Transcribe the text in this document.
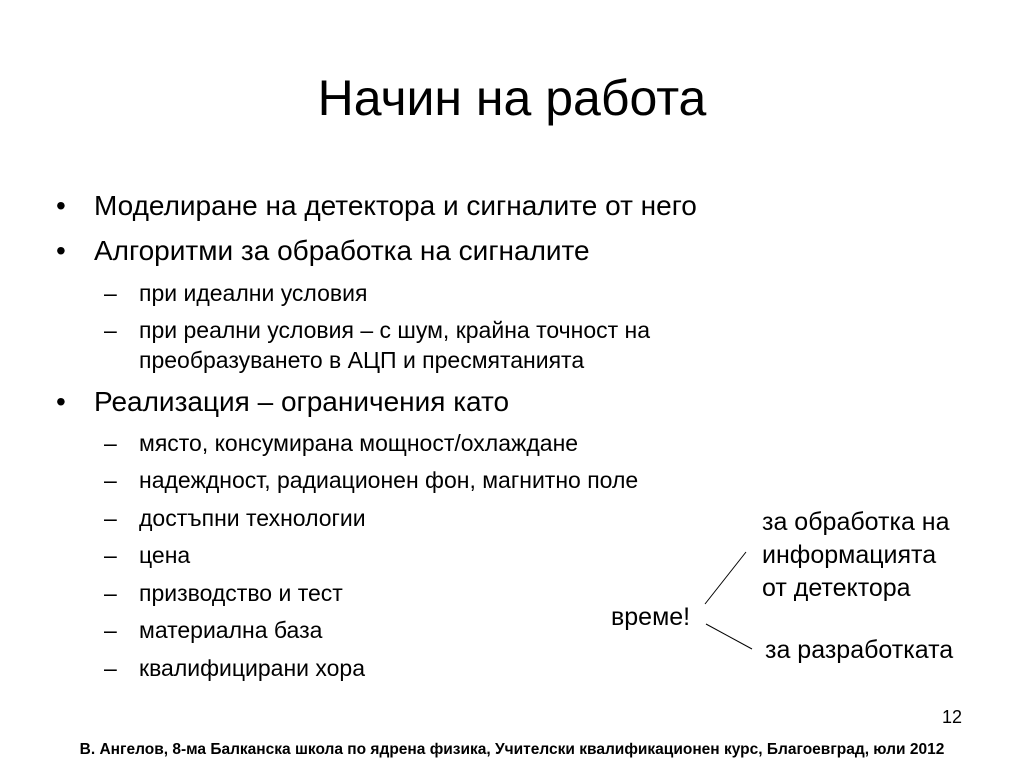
Начин на работа
• Моделиране на детектора и сигналите от него
• Алгоритми за обработка на сигналите
– при идеални условия
– при реални условия – с шум, крайна точност на
преобразуването в АЦП и пресмятанията
• Реализация – ограничения като
– място, консумирана мощност/охлаждане
– надеждност, радиационен фон, магнитно поле
– достъпни технологии
– цена
– призводство и тест
– материална база
– квалифицирани хора
за обработка на
информацията
от детектора
време!
за разработката
12
В. Ангелов, 8-ма Балканска школа по ядрена физика, Учителски квалификационен курс, Благоевград, юли 2012
